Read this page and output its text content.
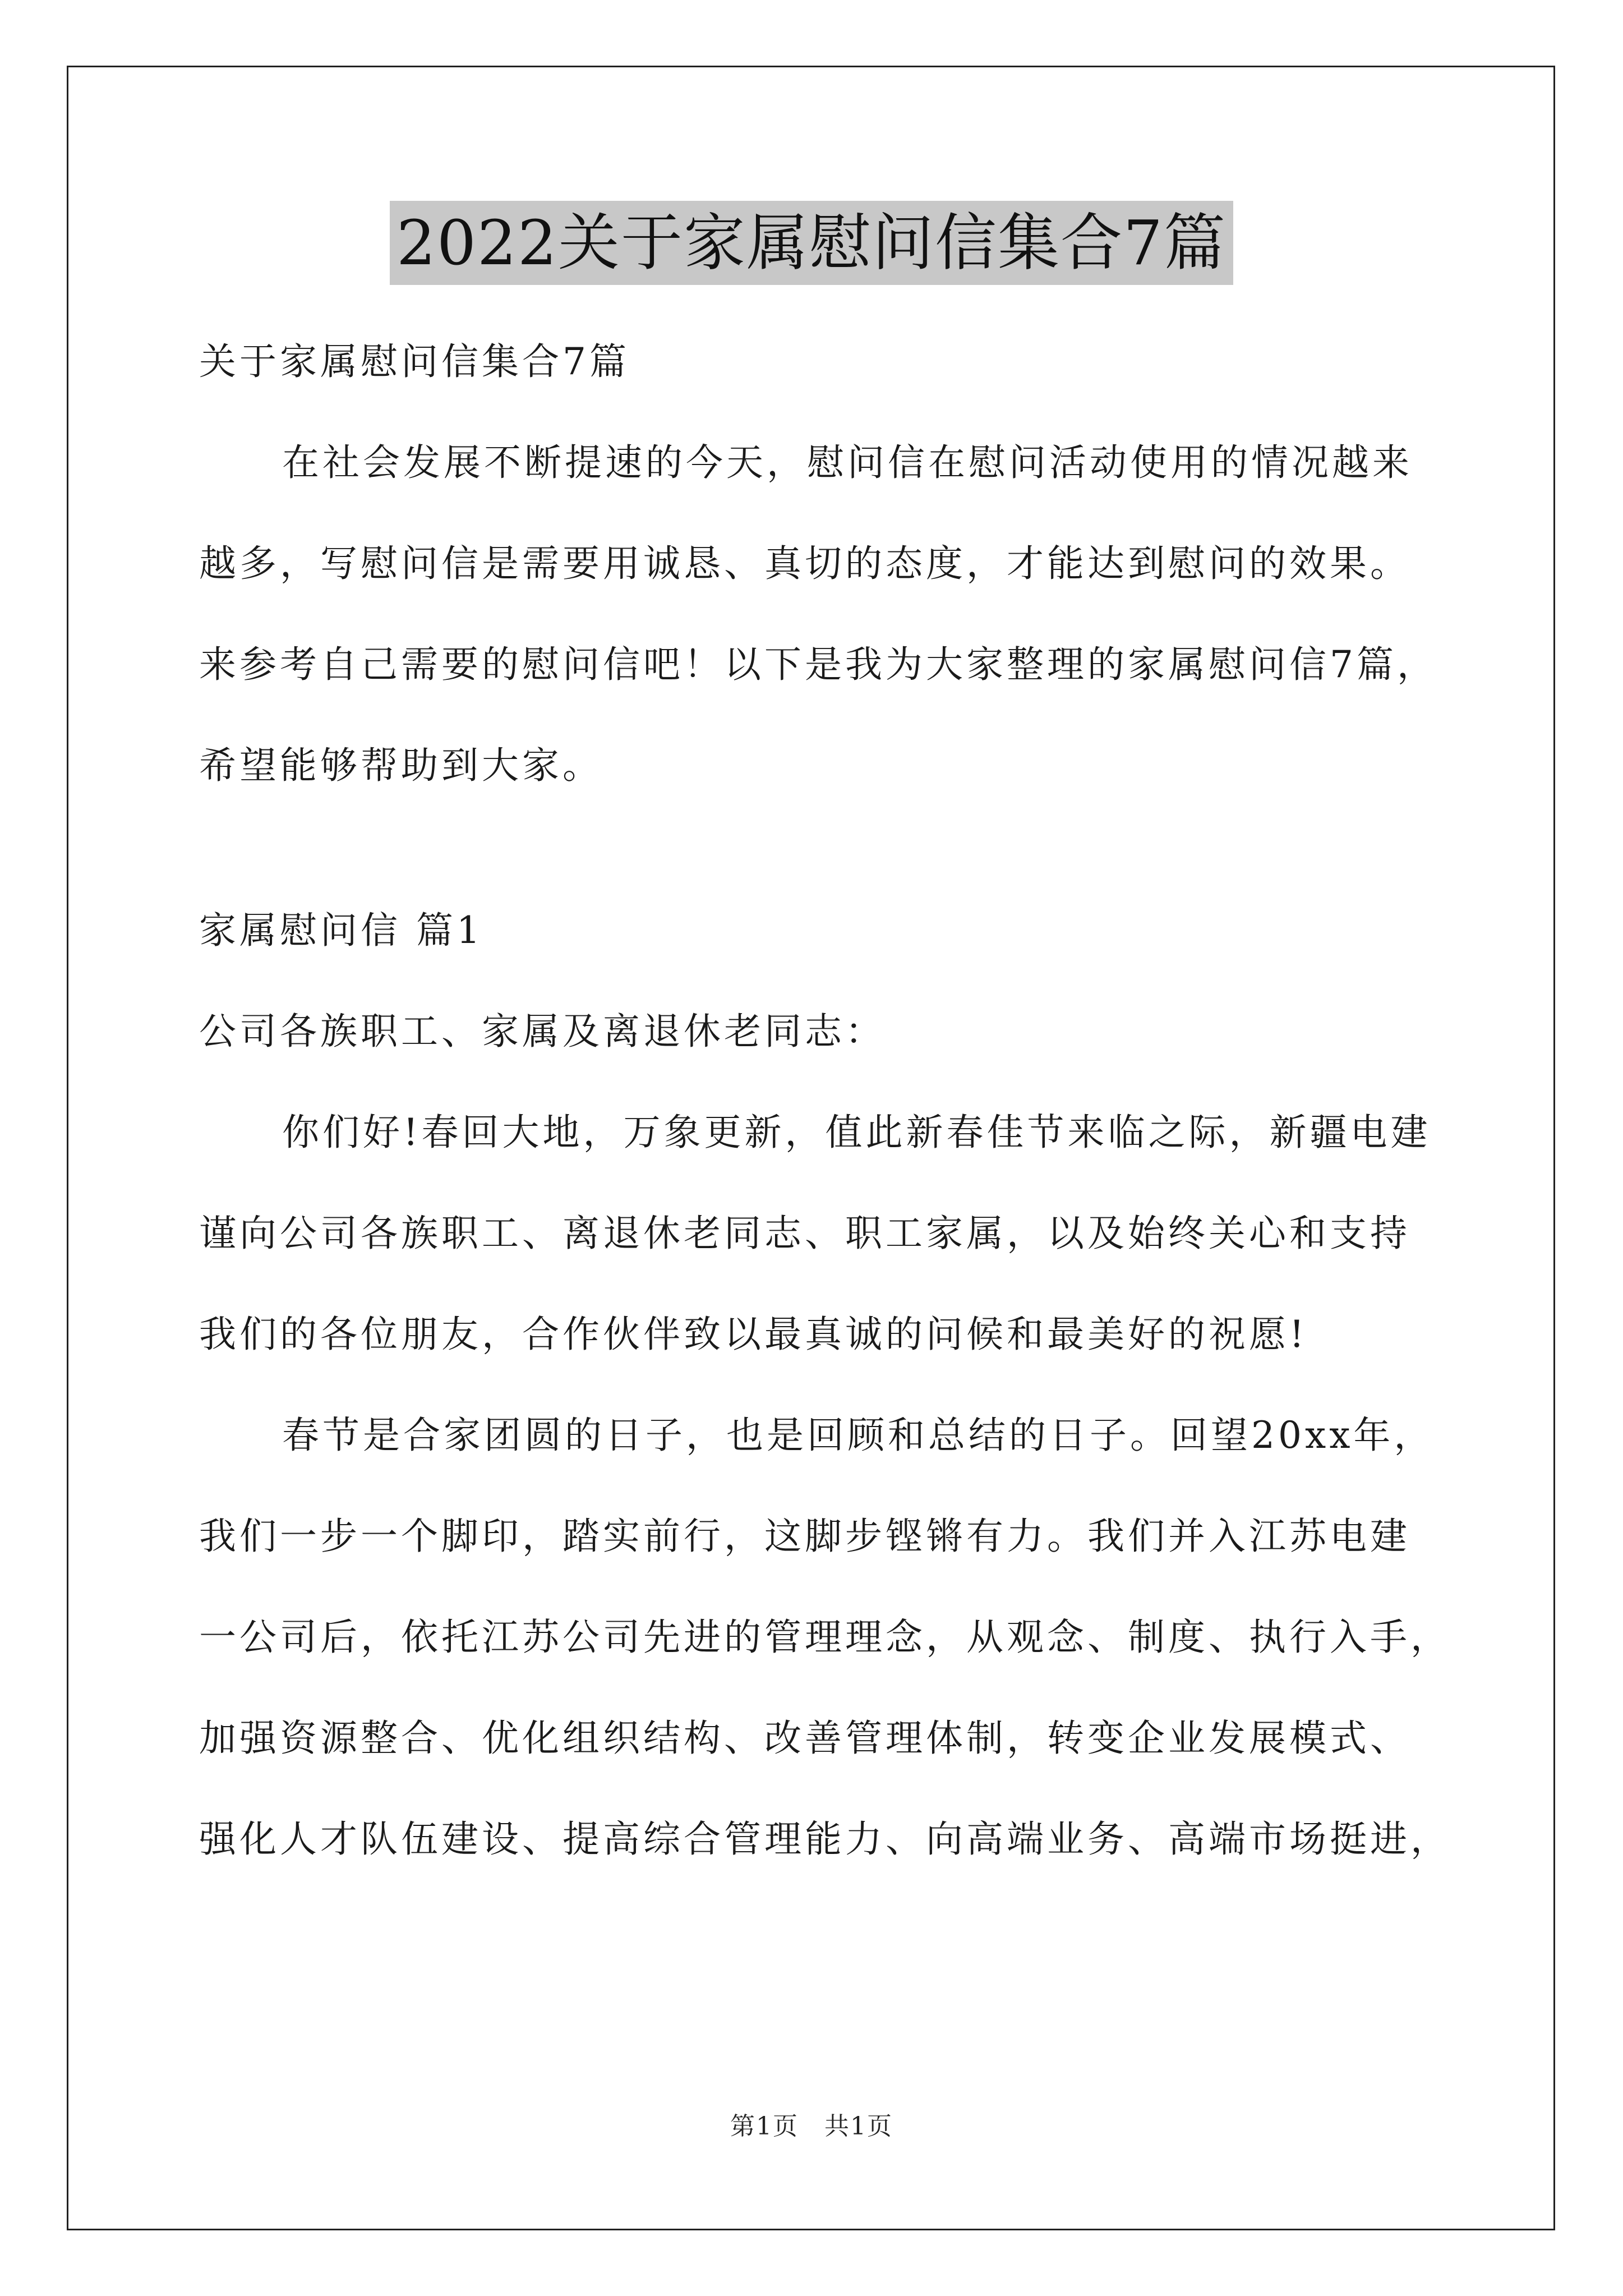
2022关于家属慰问信集合7篇

关于家属慰问信集合7篇

在社会发展不断提速的今天，慰问信在慰问活动使用的情况越来

越多，写慰问信是需要用诚恳、真切的态度，才能达到慰问的效果。

来参考自己需要的慰问信吧！以下是我为大家整理的家属慰问信7篇，

希望能够帮助到大家。

家属慰问信 篇1

公司各族职工、家属及离退休老同志：

你们好!春回大地，万象更新，值此新春佳节来临之际，新疆电建

谨向公司各族职工、离退休老同志、职工家属，以及始终关心和支持

我们的各位朋友，合作伙伴致以最真诚的问候和最美好的祝愿!

春节是合家团圆的日子，也是回顾和总结的日子。回望20xx年，

我们一步一个脚印，踏实前行，这脚步铿锵有力。我们并入江苏电建

一公司后，依托江苏公司先进的管理理念，从观念、制度、执行入手，

加强资源整合、优化组织结构、改善管理体制，转变企业发展模式、

强化人才队伍建设、提高综合管理能力、向高端业务、高端市场挺进，

第1页　共1页
